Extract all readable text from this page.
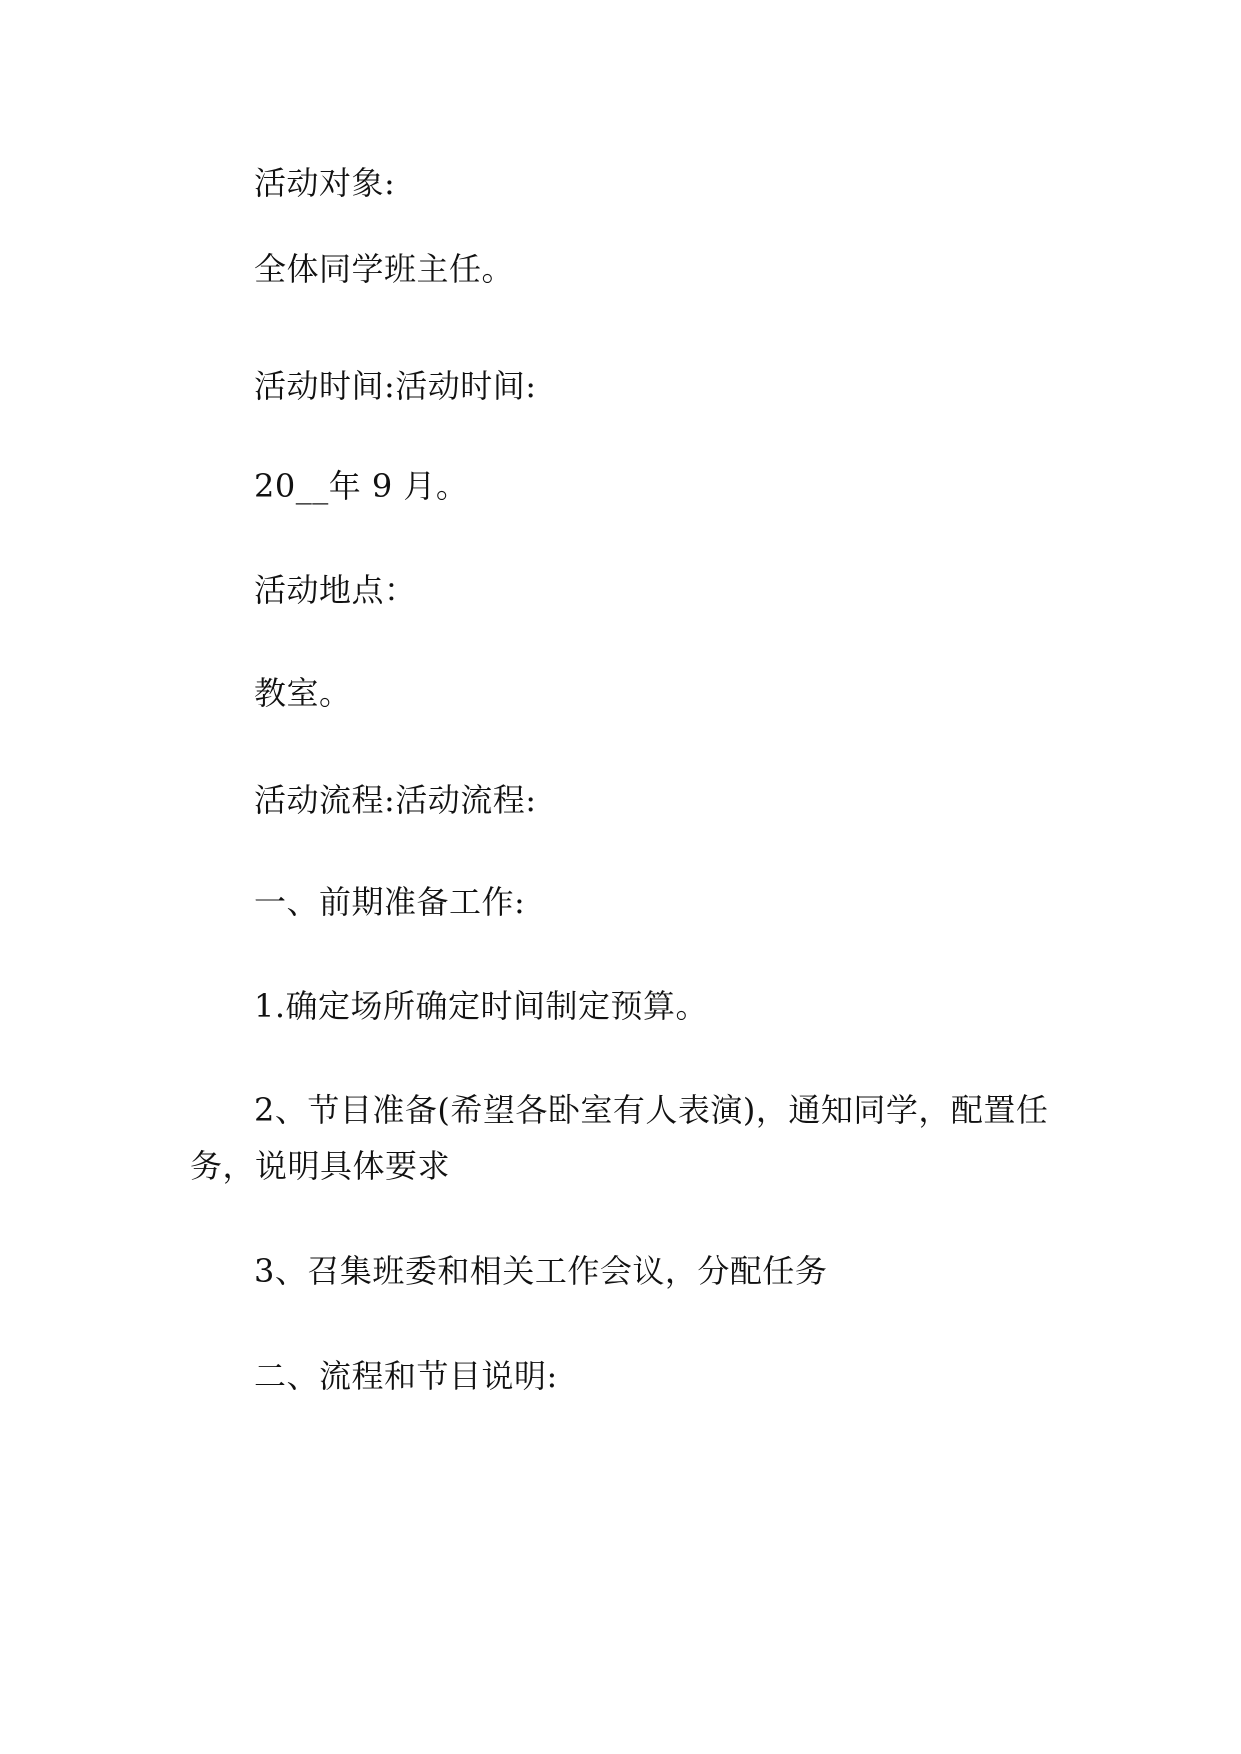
活动对象:

全体同学班主任。

活动时间:活动时间:

20__年 9 月。

活动地点：

教室。

活动流程:活动流程:

一、前期准备工作:

1.确定场所确定时间制定预算。

2、节目准备(希望各卧室有人表演)，通知同学，配置任务，说明具体要求

3、召集班委和相关工作会议，分配任务

二、流程和节目说明:
